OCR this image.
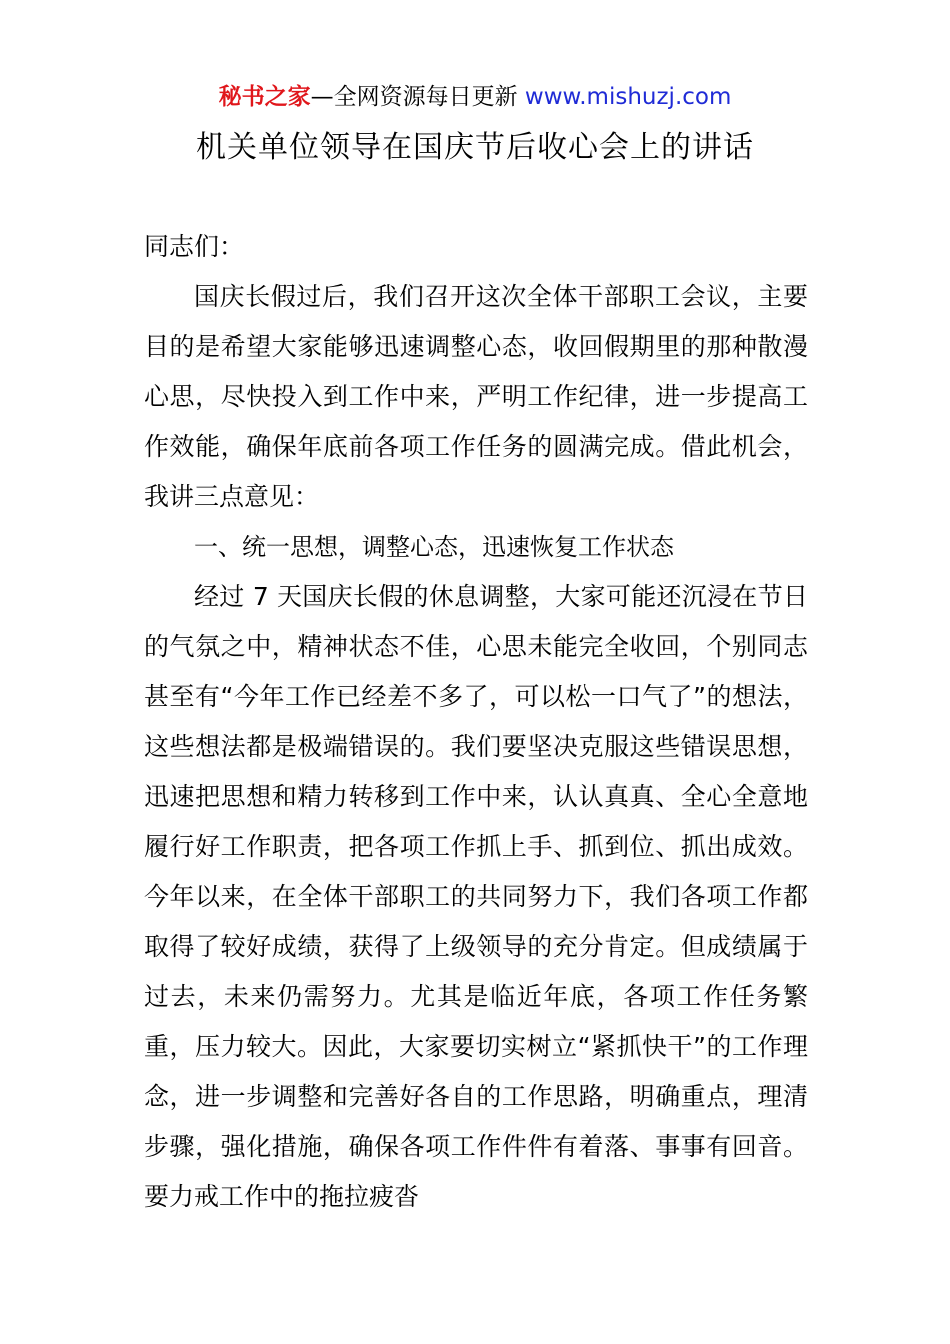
秘书之家—全网资源每日更新 www.mishuzj.com
机关单位领导在国庆节后收心会上的讲话

同志们：

国庆长假过后，我们召开这次全体干部职工会议，主要目的是希望大家能够迅速调整心态，收回假期里的那种散漫心思，尽快投入到工作中来，严明工作纪律，进一步提高工作效能，确保年底前各项工作任务的圆满完成。借此机会，我讲三点意见：

一、统一思想，调整心态，迅速恢复工作状态

经过 7 天国庆长假的休息调整，大家可能还沉浸在节日的气氛之中，精神状态不佳，心思未能完全收回，个别同志甚至有“今年工作已经差不多了，可以松一口气了”的想法，这些想法都是极端错误的。我们要坚决克服这些错误思想，迅速把思想和精力转移到工作中来，认认真真、全心全意地履行好工作职责，把各项工作抓上手、抓到位、抓出成效。今年以来，在全体干部职工的共同努力下，我们各项工作都取得了较好成绩，获得了上级领导的充分肯定。但成绩属于过去，未来仍需努力。尤其是临近年底，各项工作任务繁重，压力较大。因此，大家要切实树立“紧抓快干”的工作理念，进一步调整和完善好各自的工作思路，明确重点，理清步骤，强化措施，确保各项工作件件有着落、事事有回音。要力戒工作中的拖拉疲沓
